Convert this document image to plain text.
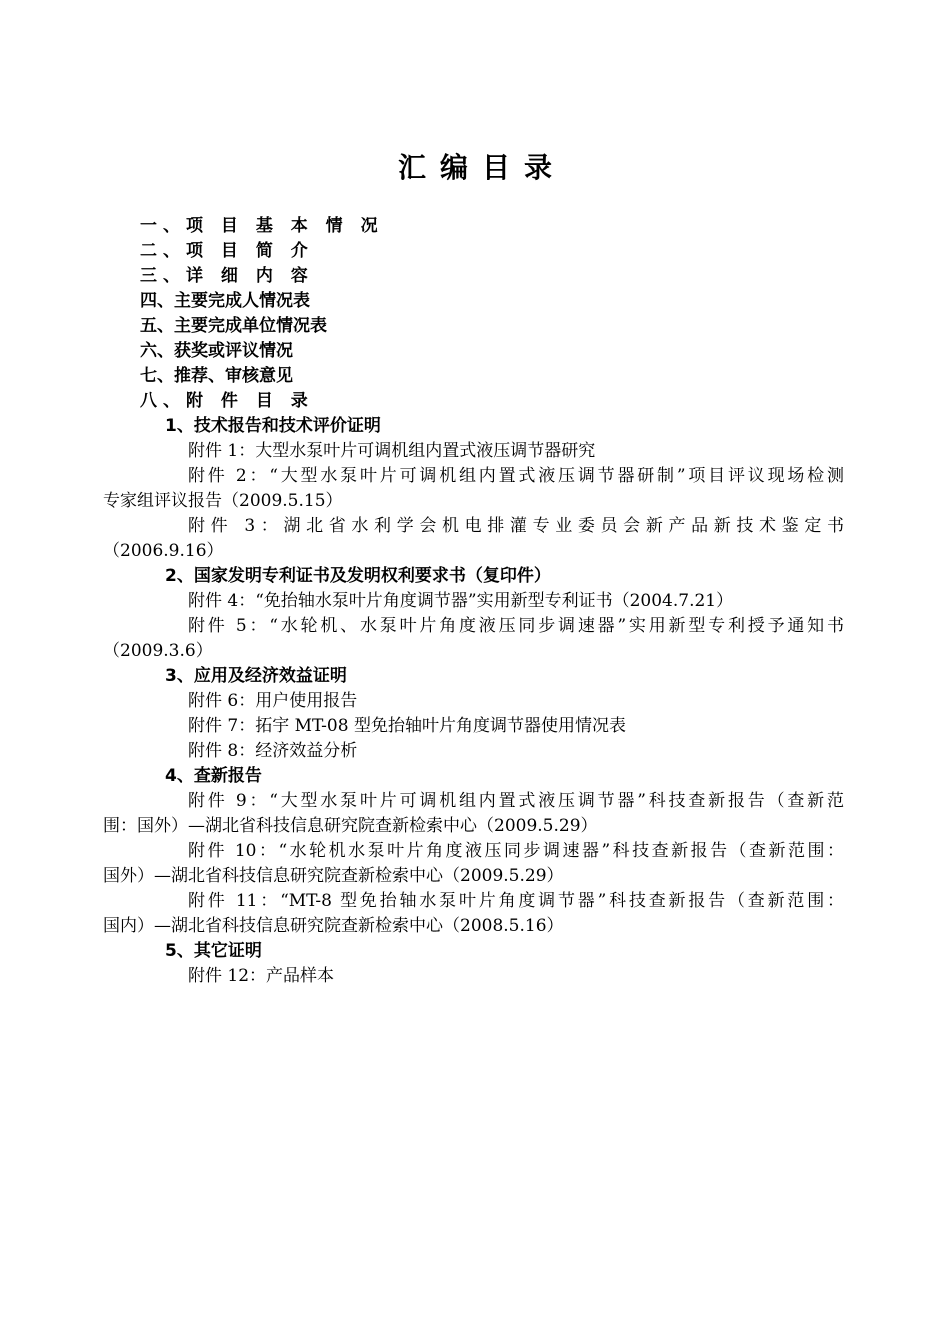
汇编目录
一、项 目 基 本 情 况
二、项 目 简 介
三、详 细 内 容
四、主要完成人情况表
五、主要完成单位情况表
六、获奖或评议情况
七、推荐、审核意见
八、附 件 目 录
1、技术报告和技术评价证明
附件 1：大型水泵叶片可调机组内置式液压调节器研究
附件 2：“大型水泵叶片可调机组内置式液压调节器研制”项目评议现场检测
专家组评议报告（2009.5.15）
附件 3：湖北省水利学会机电排灌专业委员会新产品新技术鉴定书
（2006.9.16）
2、国家发明专利证书及发明权利要求书（复印件）
附件 4：“免抬轴水泵叶片角度调节器”实用新型专利证书（2004.7.21）
附件 5：“水轮机、水泵叶片角度液压同步调速器”实用新型专利授予通知书
（2009.3.6）
3、应用及经济效益证明
附件 6：用户使用报告
附件 7：拓宇 MT-08 型免抬轴叶片角度调节器使用情况表
附件 8：经济效益分析
4、查新报告
附件 9：“大型水泵叶片可调机组内置式液压调节器”科技查新报告（查新范
围：国外）—湖北省科技信息研究院查新检索中心（2009.5.29）
附件 10：“水轮机水泵叶片角度液压同步调速器”科技查新报告（查新范围：
国外）—湖北省科技信息研究院查新检索中心（2009.5.29）
附件 11：“MT-8 型免抬轴水泵叶片角度调节器”科技查新报告（查新范围：
国内）—湖北省科技信息研究院查新检索中心（2008.5.16）
5、其它证明
附件 12：产品样本
